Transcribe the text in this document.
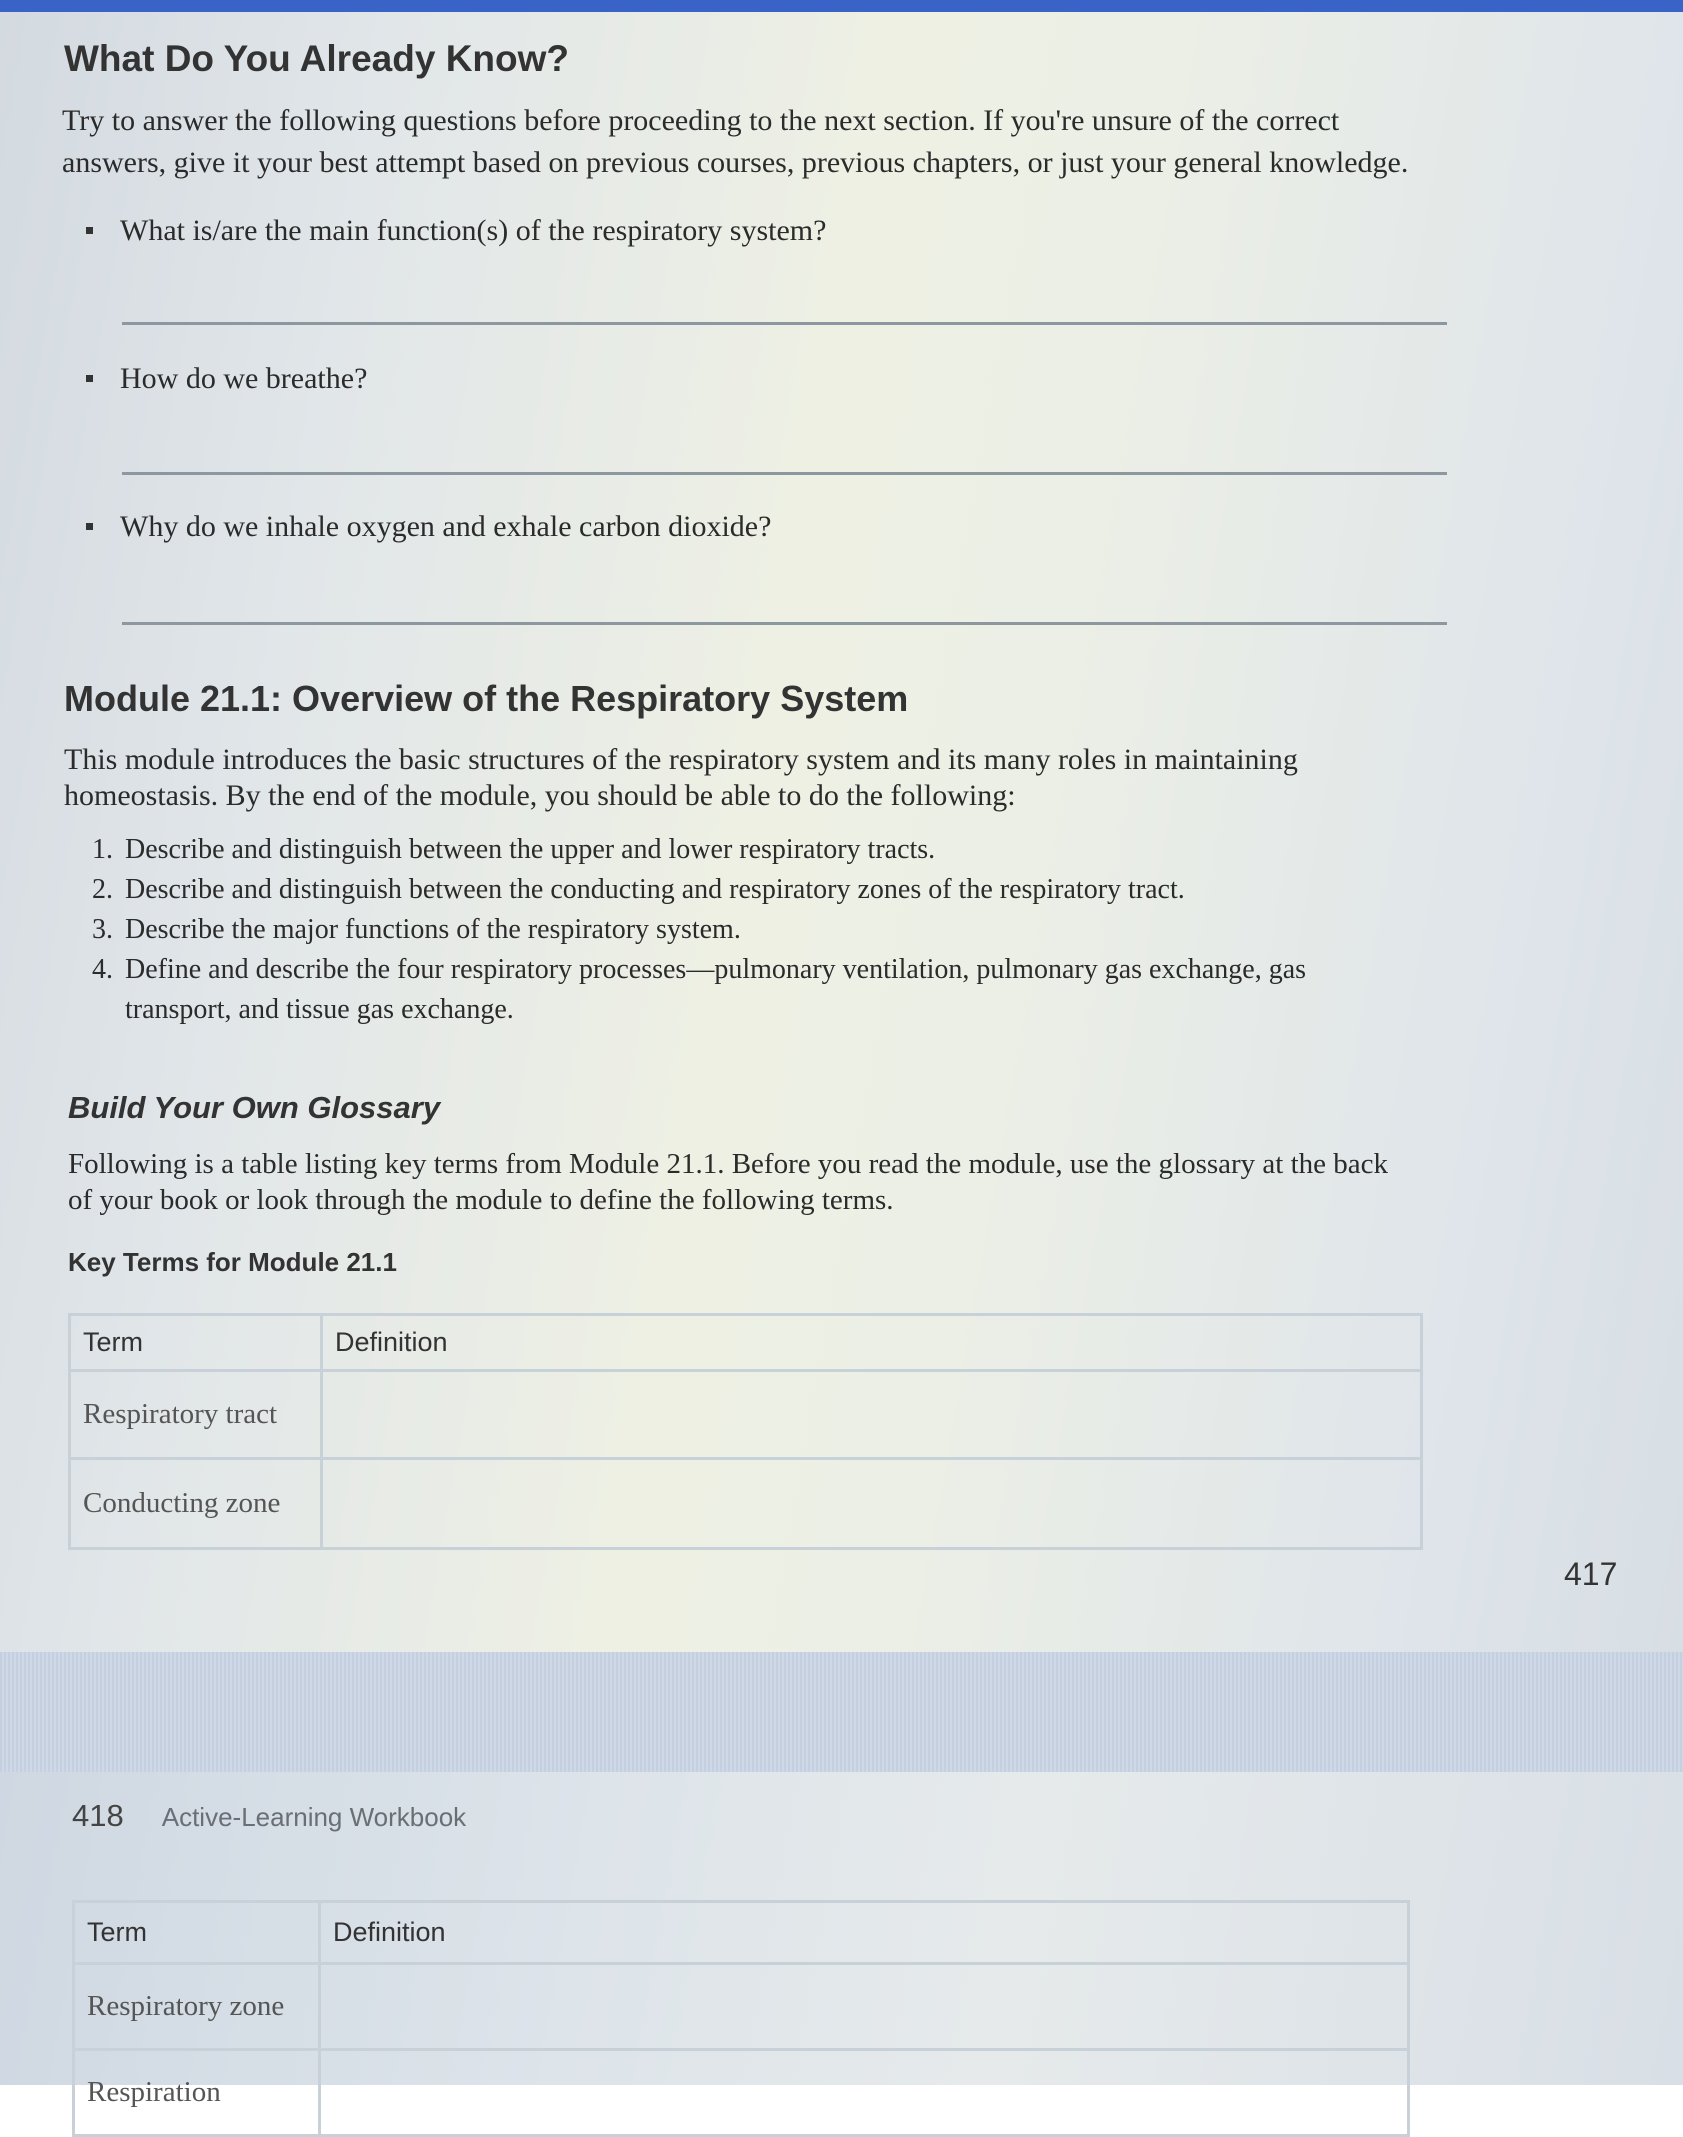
What Do You Already Know?
Try to answer the following questions before proceeding to the next section. If you're unsure of the correct answers, give it your best attempt based on previous courses, previous chapters, or just your general knowledge.
What is/are the main function(s) of the respiratory system?
How do we breathe?
Why do we inhale oxygen and exhale carbon dioxide?
Module 21.1: Overview of the Respiratory System
This module introduces the basic structures of the respiratory system and its many roles in maintaining homeostasis. By the end of the module, you should be able to do the following:
1. Describe and distinguish between the upper and lower respiratory tracts.
2. Describe and distinguish between the conducting and respiratory zones of the respiratory tract.
3. Describe the major functions of the respiratory system.
4. Define and describe the four respiratory processes—pulmonary ventilation, pulmonary gas exchange, gas transport, and tissue gas exchange.
Build Your Own Glossary
Following is a table listing key terms from Module 21.1. Before you read the module, use the glossary at the back of your book or look through the module to define the following terms.
Key Terms for Module 21.1
Term	Definition
Respiratory tract	
Conducting zone	
417
418 Active-Learning Workbook
Term	Definition
Respiratory zone	
Respiration	
